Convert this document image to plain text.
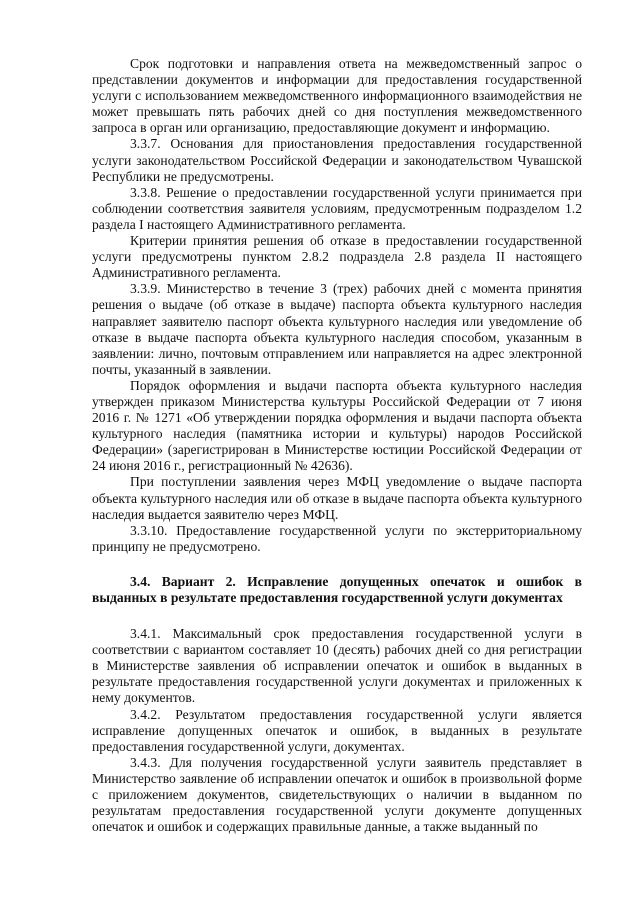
Срок подготовки и направления ответа на межведомственный запрос о представлении документов и информации для предоставления государственной услуги с использованием межведомственного информационного взаимодействия не может превышать пять рабочих дней со дня поступления межведомственного запроса в орган или организацию, предоставляющие документ и информацию.

3.3.7. Основания для приостановления предоставления государственной услуги законодательством Российской Федерации и законодательством Чувашской Республики не предусмотрены.

3.3.8. Решение о предоставлении государственной услуги принимается при соблюдении соответствия заявителя условиям, предусмотренным подразделом 1.2 раздела I настоящего Административного регламента.

Критерии принятия решения об отказе в предоставлении государственной услуги предусмотрены пунктом 2.8.2 подраздела 2.8 раздела II настоящего Административного регламента.

3.3.9. Министерство в течение 3 (трех) рабочих дней с момента принятия решения о выдаче (об отказе в выдаче) паспорта объекта культурного наследия направляет заявителю паспорт объекта культурного наследия или уведомление об отказе в выдаче паспорта объекта культурного наследия способом, указанным в заявлении: лично, почтовым отправлением или направляется на адрес электронной почты, указанный в заявлении.

Порядок оформления и выдачи паспорта объекта культурного наследия утвержден приказом Министерства культуры Российской Федерации от 7 июня 2016 г. № 1271 «Об утверждении порядка оформления и выдачи паспорта объекта культурного наследия (памятника истории и культуры) народов Российской Федерации» (зарегистрирован в Министерстве юстиции Российской Федерации от 24 июня 2016 г., регистрационный № 42636).

При поступлении заявления через МФЦ уведомление о выдаче паспорта объекта культурного наследия или об отказе в выдаче паспорта объекта культурного наследия выдается заявителю через МФЦ.

3.3.10. Предоставление государственной услуги по экстерриториальному принципу не предусмотрено.

3.4. Вариант 2. Исправление допущенных опечаток и ошибок в выданных в результате предоставления государственной услуги документах

3.4.1. Максимальный срок предоставления государственной услуги в соответствии с вариантом составляет 10 (десять) рабочих дней со дня регистрации в Министерстве заявления об исправлении опечаток и ошибок в выданных в результате предоставления государственной услуги документах и приложенных к нему документов.

3.4.2. Результатом предоставления государственной услуги является исправление допущенных опечаток и ошибок, в выданных в результате предоставления государственной услуги, документах.

3.4.3. Для получения государственной услуги заявитель представляет в Министерство заявление об исправлении опечаток и ошибок в произвольной форме с приложением документов, свидетельствующих о наличии в выданном по результатам предоставления государственной услуги документе допущенных опечаток и ошибок и содержащих правильные данные, а также выданный по
